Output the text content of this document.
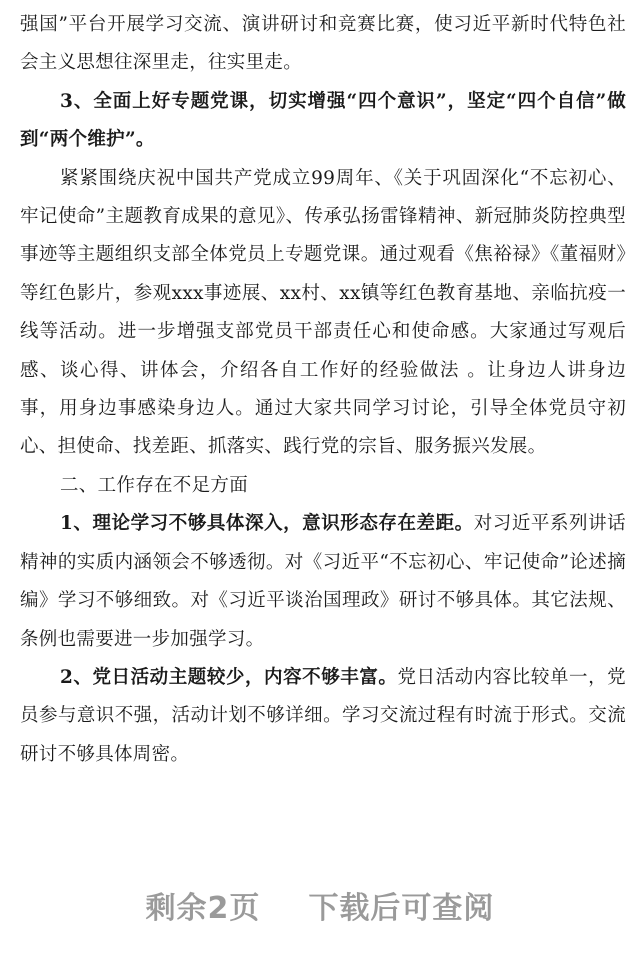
强国”平台开展学习交流、演讲研讨和竞赛比赛，使习近平新时代特色社会主义思想往深里走，往实里走。

3、全面上好专题党课，切实增强“四个意识”，坚定“四个自信”做到“两个维护”。

紧紧围绕庆祝中国共产党成立99周年、《关于巩固深化“不忘初心、牢记使命”主题教育成果的意见》、传承弘扬雷锋精神、新冠肺炎防控典型事迹等主题组织支部全体党员上专题党课。通过观看《焦裕禄》《董福财》等红色影片，参观xxx事迹展、xx村、xx镇等红色教育基地、亲临抗疫一线等活动。进一步增强支部党员干部责任心和使命感。大家通过写观后感、谈心得、讲体会，介绍各自工作好的经验做法 。让身边人讲身边事，用身边事感染身边人。通过大家共同学习讨论，引导全体党员守初心、担使命、找差距、抓落实、践行党的宗旨、服务振兴发展。

二、工作存在不足方面

1、理论学习不够具体深入，意识形态存在差距。对习近平系列讲话精神的实质内涵领会不够透彻。对《习近平“不忘初心、牢记使命”论述摘编》学习不够细致。对《习近平谈治国理政》研讨不够具体。其它法规、条例也需要进一步加强学习。

2、党日活动主题较少，内容不够丰富。党日活动内容比较单一，党员参与意识不强，活动计划不够详细。学习交流过程有时流于形式。交流研讨不够具体周密。

剩余2页 下载后可查阅
